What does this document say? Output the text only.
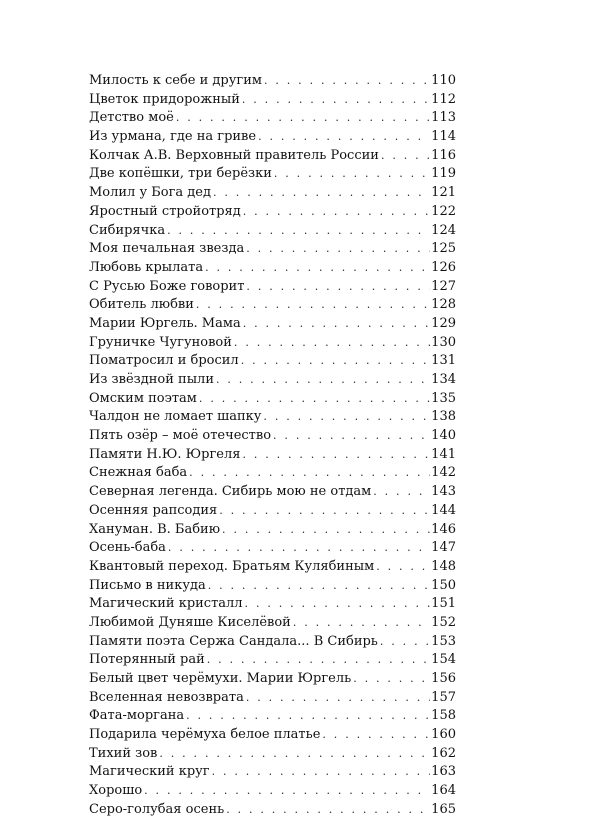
Милость к себе и другим . . .	110
Цветок придорожный . . .	112
Детство моё . . .	113
Из урмана, где на гриве . . .	114
Колчак А.В. Верховный правитель России . . .	116
Две копёшки, три берёзки . . .	119
Молил у Бога дед . . .	121
Яростный стройотряд . . .	122
Сибирячка . . .	124
Моя печальная звезда . . .	125
Любовь крылата . . .	126
С Русью Боже говорит . . .	127
Обитель любви . . .	128
Марии Юргель. Мама . . .	129
Груничке Чугуновой . . .	130
Поматросил и бросил . . .	131
Из звёздной пыли . . .	134
Омским поэтам . . .	135
Чалдон не ломает шапку . . .	138
Пять озёр – моё отечество . . .	140
Памяти Н.Ю. Юргеля . . .	141
Снежная баба . . .	142
Северная легенда. Сибирь мою не отдам . . .	143
Осенняя рапсодия . . .	144
Хануман. В. Бабию . . .	146
Осень-баба . . .	147
Квантовый переход. Братьям Кулябиным . . .	148
Письмо в никуда . . .	150
Магический кристалл . . .	151
Любимой Дуняше Киселёвой . . .	152
Памяти поэта Сержа Сандала... В Сибирь . . .	153
Потерянный рай . . .	154
Белый цвет черёмухи. Марии Юргель . . .	156
Вселенная невозврата . . .	157
Фата-моргана . . .	158
Подарила черёмуха белое платье . . .	160
Тихий зов . . .	162
Магический круг . . .	163
Хорошо . . .	164
Серо-голубая осень . . .	165
